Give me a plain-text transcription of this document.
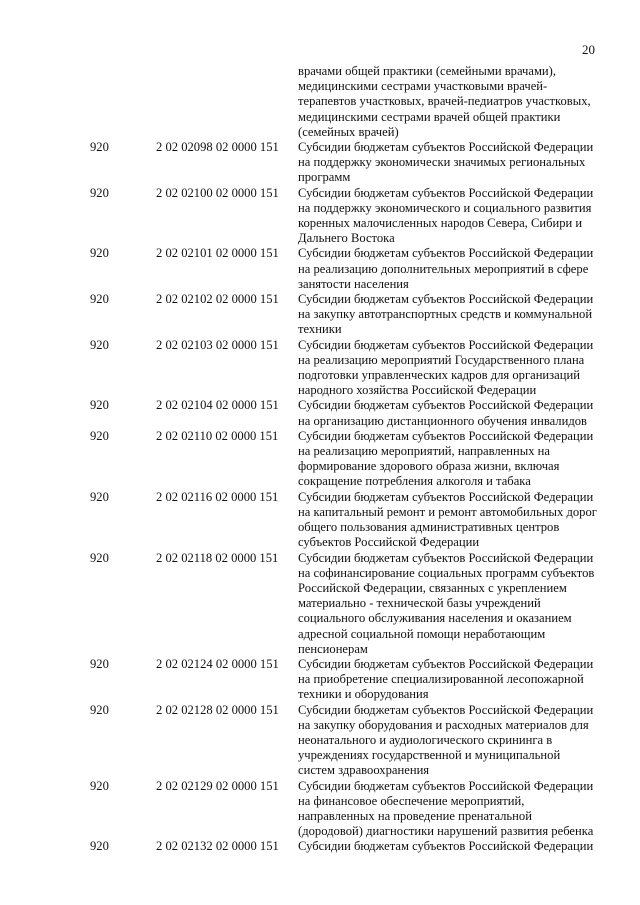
20
врачами общей практики (семейными врачами),
медицинскими сестрами участковыми врачей-
терапевтов участковых, врачей-педиатров участковых,
медицинскими сестрами врачей общей практики
(семейных врачей)
920	2 02 02098 02 0000 151	Субсидии бюджетам субъектов Российской Федерации
на поддержку экономически значимых региональных
программ
920	2 02 02100 02 0000 151	Субсидии бюджетам субъектов Российской Федерации
на поддержку экономического и социального развития
коренных малочисленных народов Севера, Сибири и
Дальнего Востока
920	2 02 02101 02 0000 151	Субсидии бюджетам субъектов Российской Федерации
на реализацию дополнительных мероприятий в сфере
занятости населения
920	2 02 02102 02 0000 151	Субсидии бюджетам субъектов Российской Федерации
на закупку автотранспортных средств и коммунальной
техники
920	2 02 02103 02 0000 151	Субсидии бюджетам субъектов Российской Федерации
на реализацию мероприятий Государственного плана
подготовки управленческих кадров для организаций
народного хозяйства Российской Федерации
920	2 02 02104 02 0000 151	Субсидии бюджетам субъектов Российской Федерации
на организацию дистанционного обучения инвалидов
920	2 02 02110 02 0000 151	Субсидии бюджетам субъектов Российской Федерации
на реализацию мероприятий, направленных на
формирование здорового образа жизни, включая
сокращение потребления алкоголя и табака
920	2 02 02116 02 0000 151	Субсидии бюджетам субъектов Российской Федерации
на капитальный ремонт и ремонт автомобильных дорог
общего пользования административных центров
субъектов Российской Федерации
920	2 02 02118 02 0000 151	Субсидии бюджетам субъектов Российской Федерации
на софинансирование социальных программ субъектов
Российской Федерации, связанных с укреплением
материально - технической базы учреждений
социального обслуживания населения и оказанием
адресной социальной помощи неработающим
пенсионерам
920	2 02 02124 02 0000 151	Субсидии бюджетам субъектов Российской Федерации
на приобретение специализированной лесопожарной
техники и оборудования
920	2 02 02128 02 0000 151	Субсидии бюджетам субъектов Российской Федерации
на закупку оборудования и расходных материалов для
неонатального и аудиологического скрининга в
учреждениях государственной и муниципальной
систем здравоохранения
920	2 02 02129 02 0000 151	Субсидии бюджетам субъектов Российской Федерации
на финансовое обеспечение мероприятий,
направленных на проведение пренатальной
(дородовой) диагностики нарушений развития ребенка
920	2 02 02132 02 0000 151	Субсидии бюджетам субъектов Российской Федерации
